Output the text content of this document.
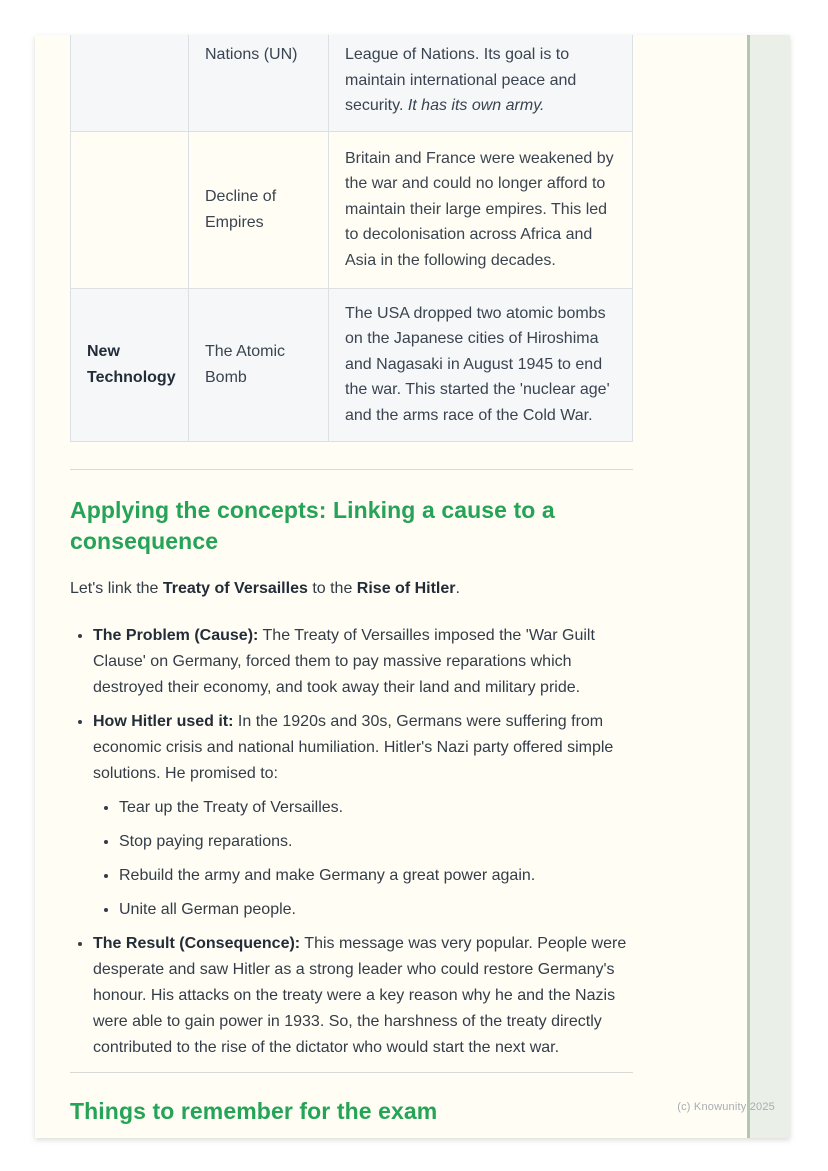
	Nations (UN)	League of Nations. Its goal is to maintain international peace and security. It has its own army.
	Decline of Empires	Britain and France were weakened by the war and could no longer afford to maintain their large empires. This led to decolonisation across Africa and Asia in the following decades.
New Technology	The Atomic Bomb	The USA dropped two atomic bombs on the Japanese cities of Hiroshima and Nagasaki in August 1945 to end the war. This started the 'nuclear age' and the arms race of the Cold War.
Applying the concepts: Linking a cause to a consequence

Let's link the Treaty of Versailles to the Rise of Hitler.

• The Problem (Cause): The Treaty of Versailles imposed the 'War Guilt Clause' on Germany, forced them to pay massive reparations which destroyed their economy, and took away their land and military pride.
• How Hitler used it: In the 1920s and 30s, Germans were suffering from economic crisis and national humiliation. Hitler's Nazi party offered simple solutions. He promised to:
• Tear up the Treaty of Versailles.
• Stop paying reparations.
• Rebuild the army and make Germany a great power again.
• Unite all German people.
• The Result (Consequence): This message was very popular. People were desperate and saw Hitler as a strong leader who could restore Germany's honour. His attacks on the treaty were a key reason why he and the Nazis were able to gain power in 1933. So, the harshness of the treaty directly contributed to the rise of the dictator who would start the next war.
Things to remember for the exam	(c) Knowunity 2025
